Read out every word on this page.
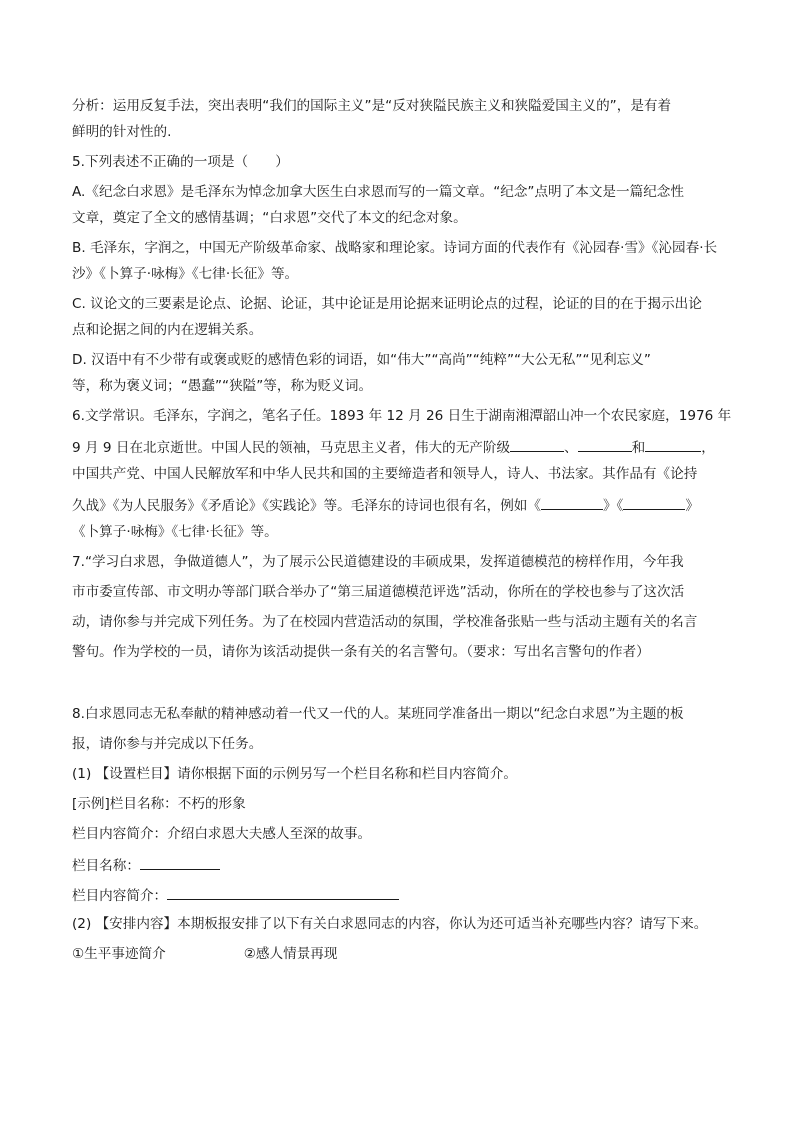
分析：运用反复手法，突出表明“我们的国际主义”是“反对狭隘民族主义和狭隘爱国主义的”，是有着
鲜明的针对性的.
5.下列表述不正确的一项是（　　）
A.《纪念白求恩》是毛泽东为悼念加拿大医生白求恩而写的一篇文章。“纪念”点明了本文是一篇纪念性
文章，奠定了全文的感情基调；“白求恩”交代了本文的纪念对象。
B. 毛泽东，字润之，中国无产阶级革命家、战略家和理论家。诗词方面的代表作有《沁园春·雪》《沁园春·长
沙》《卜算子·咏梅》《七律·长征》等。
C. 议论文的三要素是论点、论据、论证，其中论证是用论据来证明论点的过程，论证的目的在于揭示出论
点和论据之间的内在逻辑关系。
D. 汉语中有不少带有或褒或贬的感情色彩的词语，如“伟大”“高尚”“纯粹”“大公无私”“见利忘义”
等，称为褒义词；“愚蠢”“狭隘”等，称为贬义词。
6.文学常识。毛泽东，字润之，笔名子任。1893 年 12 月 26 日生于湖南湘潭韶山冲一个农民家庭，1976 年
9 月 9 日在北京逝世。中国人民的领袖，马克思主义者，伟大的无产阶级	、	和	，
中国共产党、中国人民解放军和中华人民共和国的主要缔造者和领导人，诗人、书法家。其作品有《论持
久战》《为人民服务》《矛盾论》《实践论》等。毛泽东的诗词也很有名，例如《	》《	》
《卜算子·咏梅》《七律·长征》等。
7.“学习白求恩，争做道德人”，为了展示公民道德建设的丰硕成果，发挥道德模范的榜样作用，今年我
市市委宣传部、市文明办等部门联合举办了“第三届道德模范评选”活动，你所在的学校也参与了这次活
动，请你参与并完成下列任务。为了在校园内营造活动的氛围，学校准备张贴一些与活动主题有关的名言
警句。作为学校的一员，请你为该活动提供一条有关的名言警句。（要求：写出名言警句的作者）
8.白求恩同志无私奉献的精神感动着一代又一代的人。某班同学准备出一期以“纪念白求恩”为主题的板
报，请你参与并完成以下任务。
(1) 【设置栏目】请你根据下面的示例另写一个栏目名称和栏目内容简介。
[示例]栏目名称：不朽的形象
栏目内容简介：介绍白求恩大夫感人至深的故事。
栏目名称：
栏目内容简介：
(2) 【安排内容】本期板报安排了以下有关白求恩同志的内容，你认为还可适当补充哪些内容？请写下来。
①生平事迹简介	②感人情景再现
